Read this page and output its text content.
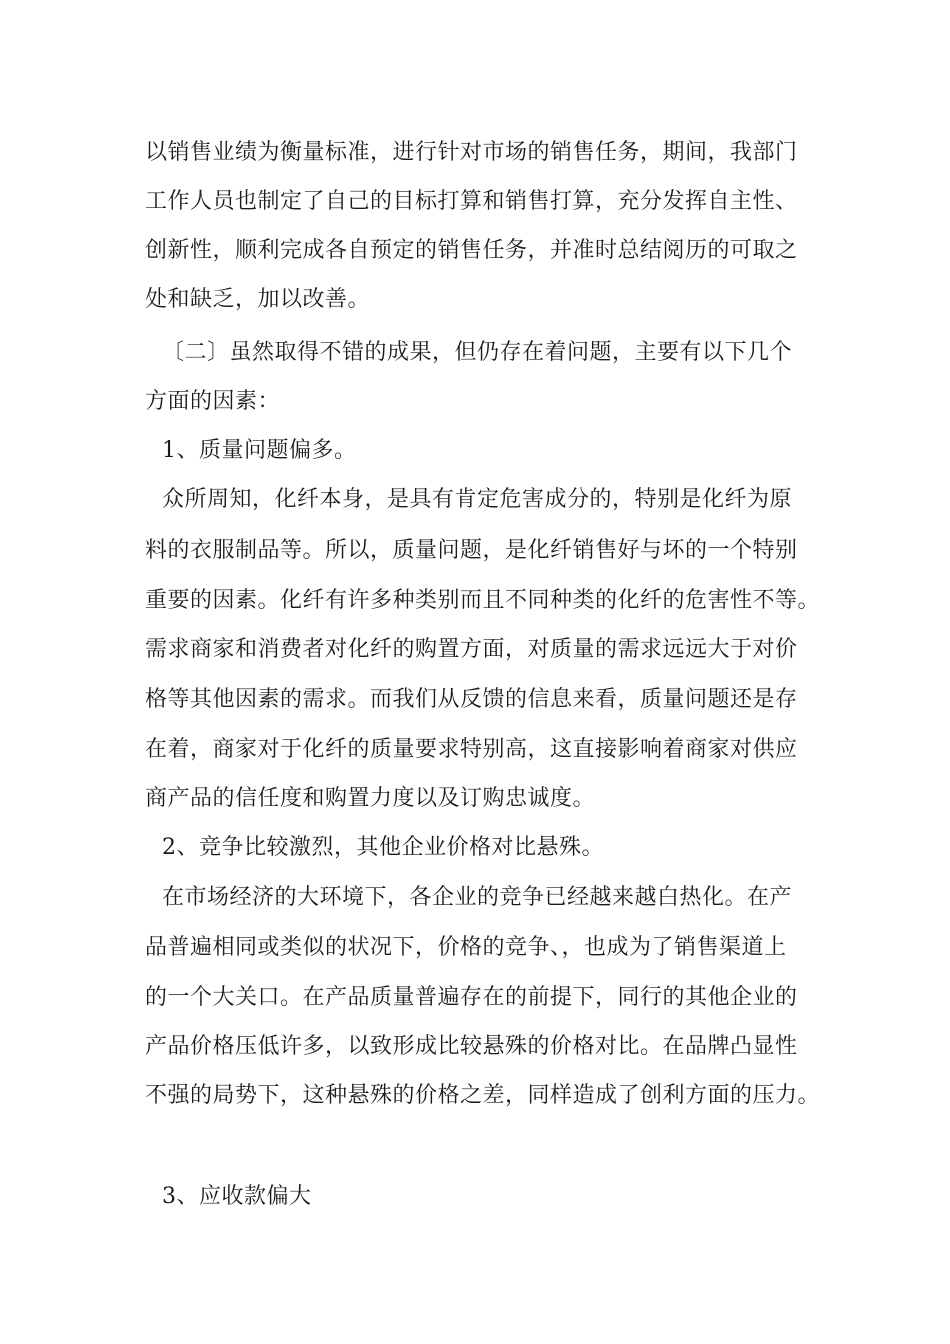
以销售业绩为衡量标准，进行针对市场的销售任务，期间，我部门
工作人员也制定了自己的目标打算和销售打算，充分发挥自主性、
创新性，顺利完成各自预定的销售任务，并准时总结阅历的可取之
处和缺乏，加以改善。
〔二〕虽然取得不错的成果，但仍存在着问题，主要有以下几个
方面的因素：
1、质量问题偏多。
众所周知，化纤本身，是具有肯定危害成分的，特别是化纤为原
料的衣服制品等。所以，质量问题，是化纤销售好与坏的一个特别
重要的因素。化纤有许多种类别而且不同种类的化纤的危害性不等。
需求商家和消费者对化纤的购置方面，对质量的需求远远大于对价
格等其他因素的需求。而我们从反馈的信息来看，质量问题还是存
在着，商家对于化纤的质量要求特别高，这直接影响着商家对供应
商产品的信任度和购置力度以及订购忠诚度。
2、竞争比较激烈，其他企业价格对比悬殊。
在市场经济的大环境下，各企业的竞争已经越来越白热化。在产
品普遍相同或类似的状况下，价格的竞争、，也成为了销售渠道上
的一个大关口。在产品质量普遍存在的前提下，同行的其他企业的
产品价格压低许多，以致形成比较悬殊的价格对比。在品牌凸显性
不强的局势下，这种悬殊的价格之差，同样造成了创利方面的压力。
3、应收款偏大
